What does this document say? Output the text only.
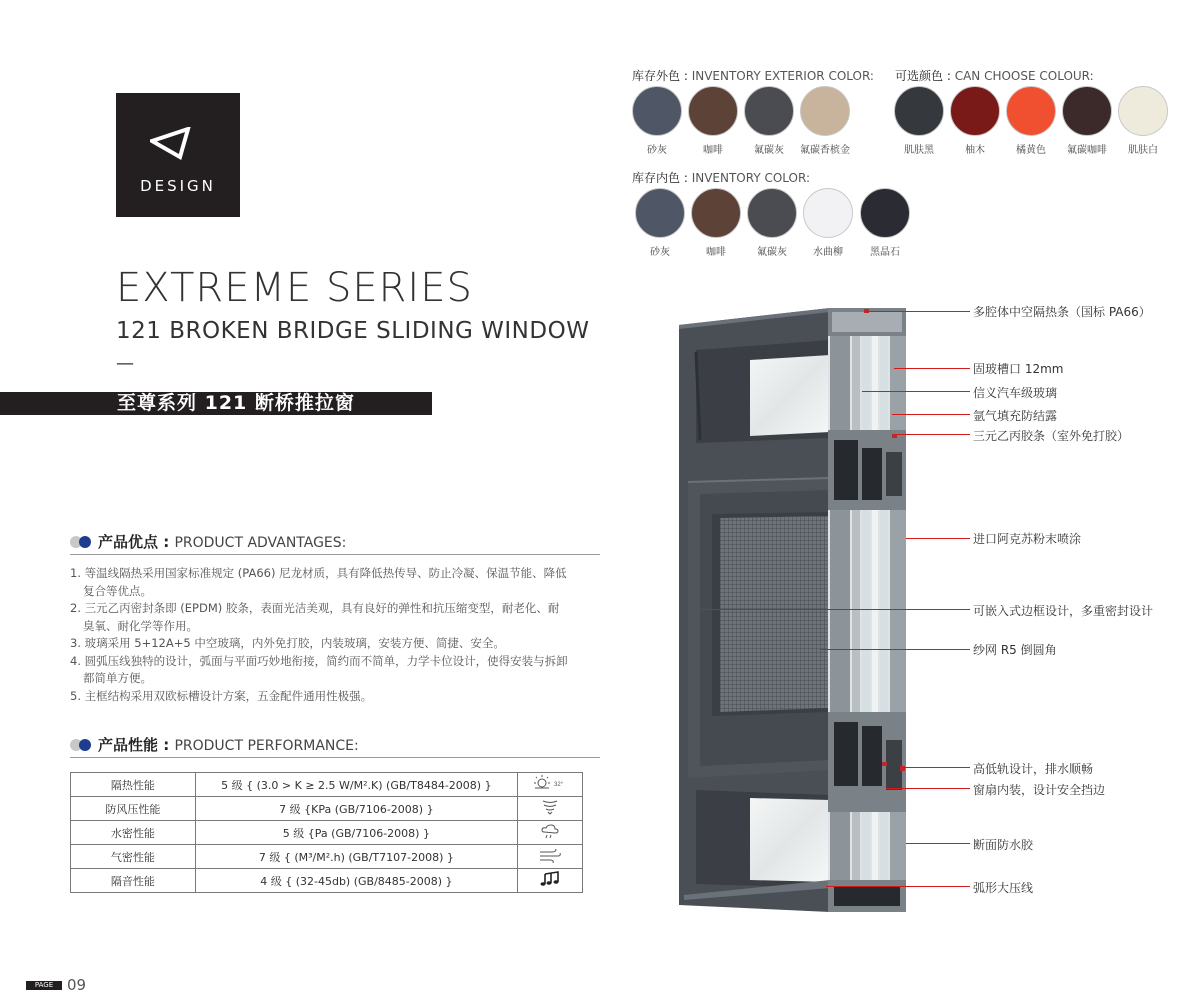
DESIGN
EXTREME SERIES
121 BROKEN BRIDGE SLIDING WINDOW
—
至尊系列 121 断桥推拉窗
产品优点 : PRODUCT ADVANTAGES:

1. 等温线隔热采用国家标准规定 (PA66) 尼龙材质，具有降低热传导、防止冷凝、保温节能、降低复合等优点。

2. 三元乙丙密封条即 (EPDM) 胶条，表面光洁美观，具有良好的弹性和抗压缩变型，耐老化、耐臭氧、耐化学等作用。

3. 玻璃采用 5+12A+5 中空玻璃，内外免打胶，内装玻璃，安装方便、简捷、安全。

4. 圆弧压线独特的设计，弧面与平面巧妙地衔接，简约而不简单，力学卡位设计，使得安装与拆卸都简单方便。

5. 主框结构采用双欧标槽设计方案，五金配件通用性极强。

产品性能 : PRODUCT PERFORMANCE:
隔热性能	5 级 { (3.0 > K ≥ 2.5 W/M².K) (GB/T8484-2008) }	32°

防风压性能	7 级 {KPa (GB/7106-2008) }	
水密性能	5 级 {Pa (GB/7106-2008) }	
气密性能	7 级 { (M³/M².h) (GB/T7107-2008) }	
隔音性能	4 级 { (32-45db) (GB/8485-2008) }	
库存外色 : INVENTORY EXTERIOR COLOR: 可选颜色 : CAN CHOOSE COLOUR:
库存内色 : INVENTORY COLOR:
砂灰	咖啡	氟碳灰	氟碳香槟金	肌肤黑	柚木	橘黄色	氟碳咖啡	肌肤白
砂灰	咖啡	氟碳灰	水曲柳	黑晶石
多腔体中空隔热条（国标 PA66）
固玻槽口 12mm
信义汽车级玻璃
氩气填充防结露
三元乙丙胶条（室外免打胶）
进口阿克苏粉末喷涂
可嵌入式边框设计，多重密封设计
纱网 R5 倒圆角
高低轨设计，排水顺畅
窗扇内装，设计安全挡边
断面防水胶
弧形大压线
PAGE 09
